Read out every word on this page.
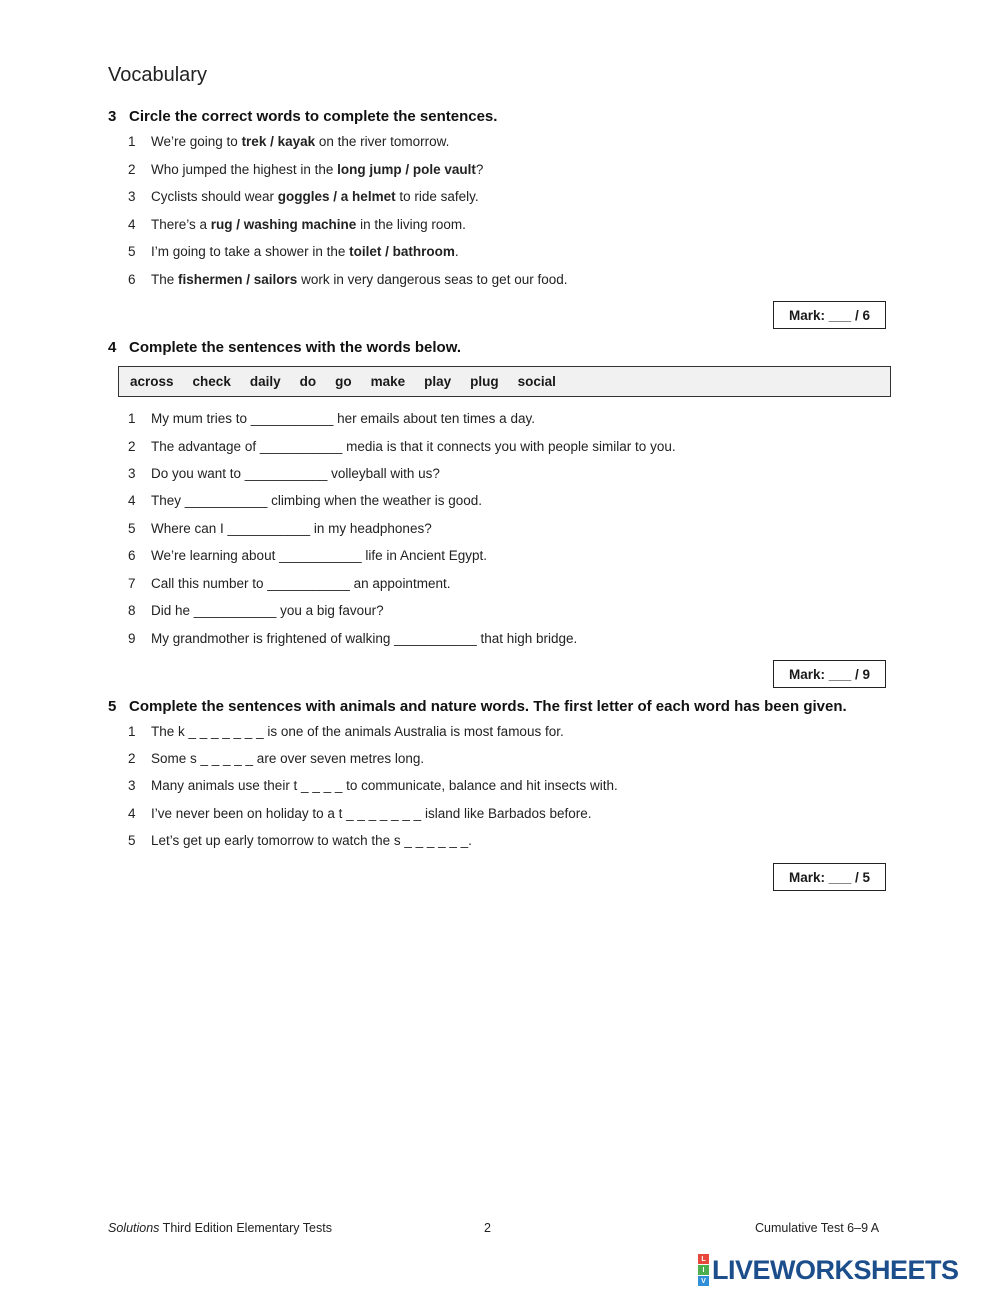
Vocabulary
3 Circle the correct words to complete the sentences.
1 We’re going to trek / kayak on the river tomorrow.
2 Who jumped the highest in the long jump / pole vault?
3 Cyclists should wear goggles / a helmet to ride safely.
4 There’s a rug / washing machine in the living room.
5 I’m going to take a shower in the toilet / bathroom.
6 The fishermen / sailors work in very dangerous seas to get our food.
Mark: ___ / 6
4 Complete the sentences with the words below.
across check daily do go make play plug social
1 My mum tries to ___________ her emails about ten times a day.
2 The advantage of ___________ media is that it connects you with people similar to you.
3 Do you want to ___________ volleyball with us?
4 They ___________ climbing when the weather is good.
5 Where can I ___________ in my headphones?
6 We’re learning about ___________ life in Ancient Egypt.
7 Call this number to ___________ an appointment.
8 Did he ___________ you a big favour?
9 My grandmother is frightened of walking ___________ that high bridge.
Mark: ___ / 9
5 Complete the sentences with animals and nature words. The first letter of each word has been given.
1 The k _ _ _ _ _ _ _ is one of the animals Australia is most famous for.
2 Some s _ _ _ _ _ are over seven metres long.
3 Many animals use their t _ _ _ _ to communicate, balance and hit insects with.
4 I’ve never been on holiday to a t _ _ _ _ _ _ _ island like Barbados before.
5 Let’s get up early tomorrow to watch the s _ _ _ _ _ _.
Mark: ___ / 5
Solutions Third Edition Elementary Tests	2	Cumulative Test 6–9 A
L
I
V LIVEWORKSHEETS
